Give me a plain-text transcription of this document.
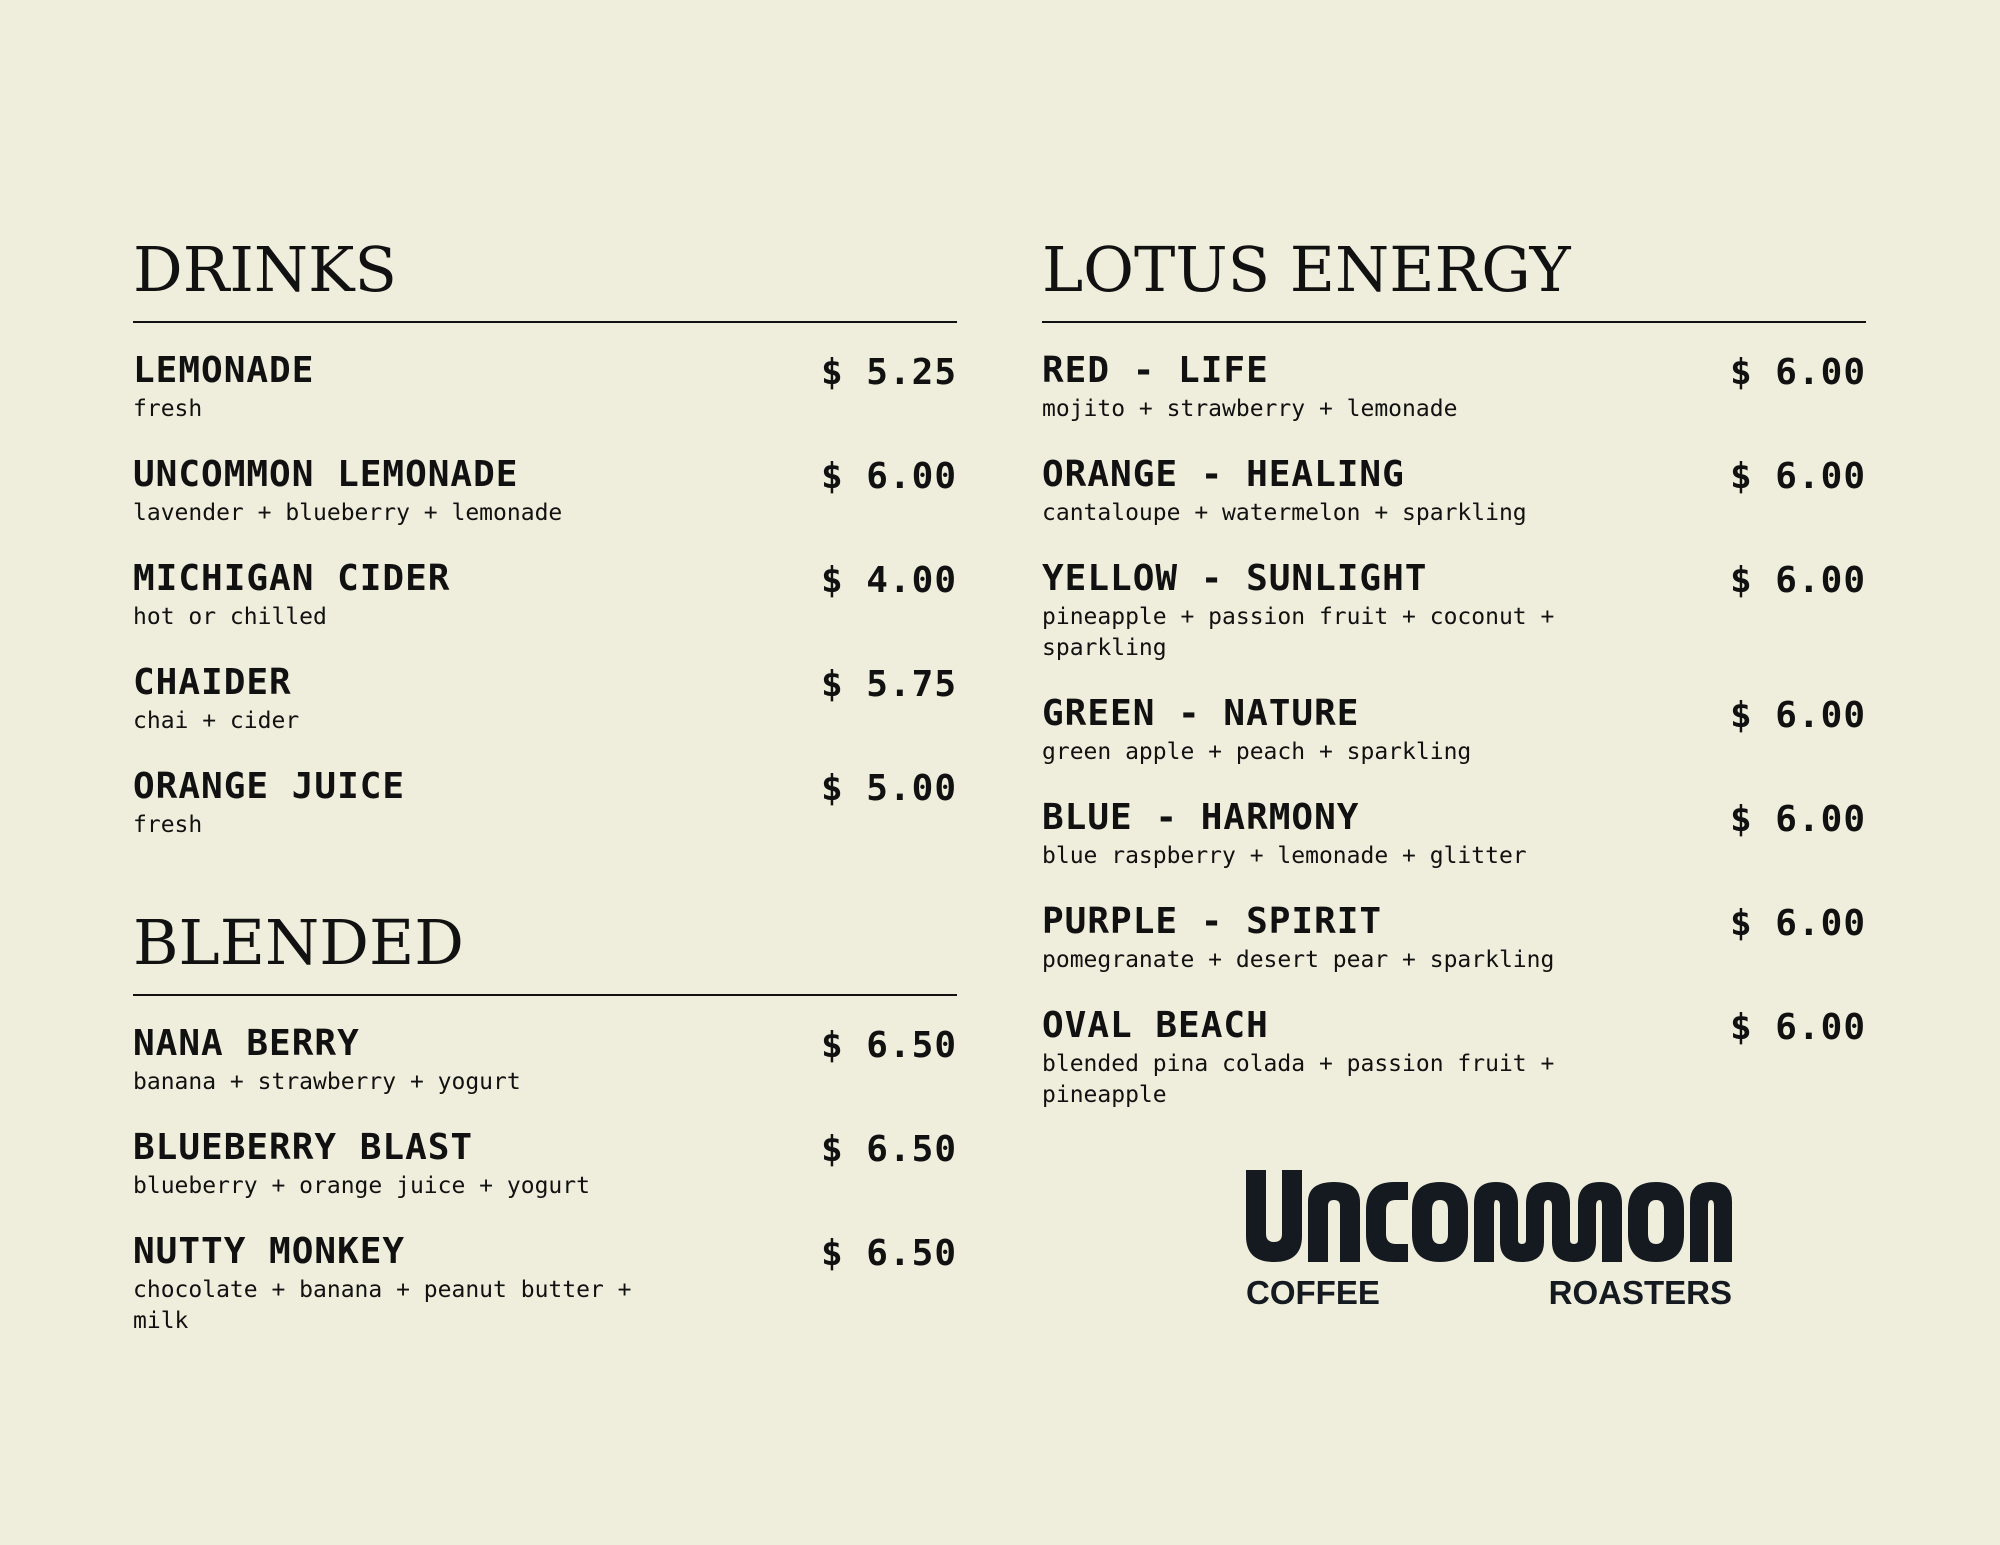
DRINKS
LEMONADE
fresh
$ 5.25
UNCOMMON LEMONADE
lavender + blueberry + lemonade
$ 6.00
MICHIGAN CIDER
hot or chilled
$ 4.00
CHAIDER
chai + cider
$ 5.75
ORANGE JUICE
fresh
$ 5.00
BLENDED
NANA BERRY
banana + strawberry + yogurt
$ 6.50
BLUEBERRY BLAST
blueberry + orange juice + yogurt
$ 6.50
NUTTY MONKEY
chocolate + banana + peanut butter + milk
$ 6.50
LOTUS ENERGY
RED - LIFE
mojito + strawberry + lemonade
$ 6.00
ORANGE - HEALING
cantaloupe + watermelon + sparkling
$ 6.00
YELLOW - SUNLIGHT
pineapple + passion fruit + coconut + sparkling
$ 6.00
GREEN - NATURE
green apple + peach + sparkling
$ 6.00
BLUE - HARMONY
blue raspberry + lemonade + glitter
$ 6.00
PURPLE - SPIRIT
pomegranate + desert pear + sparkling
$ 6.00
OVAL BEACH
blended pina colada + passion fruit + pineapple
$ 6.00
COFFEE	ROASTERS
